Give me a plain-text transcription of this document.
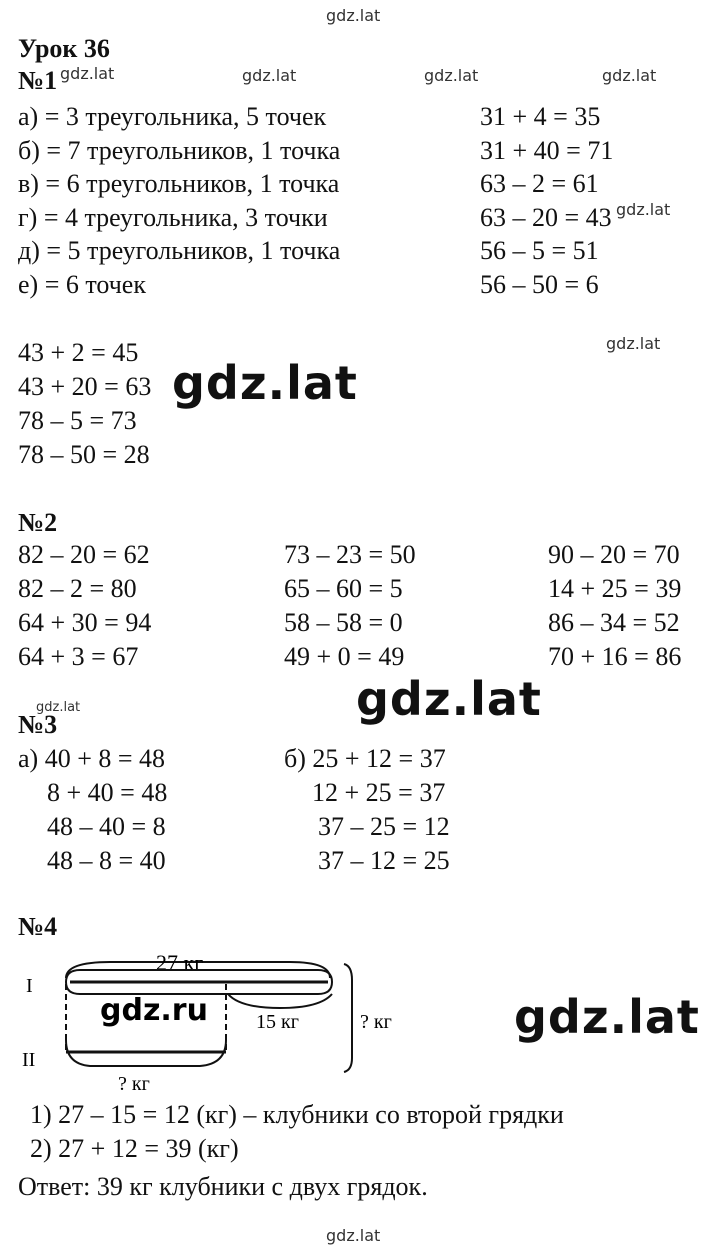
gdz.lat
gdz.lat	gdz.lat	gdz.lat
gdz.lat
gdz.lat
gdz.lat
gdz.lat
gdz.lat
gdz.lat
gdz.lat
Урок 36
№1 gdz.lat
а) = 3 треугольника, 5 точек
б) = 7 треугольников, 1 точка
в) = 6 треугольников, 1 точка
г) = 4 треугольника, 3 точки
д) = 5 треугольников, 1 точка
е) = 6 точек
31 + 4 = 35
31 + 40 = 71
63 – 2 = 61
63 – 20 = 43
56 – 5 = 51
56 – 50 = 6
43 + 2 = 45
43 + 20 = 63
78 – 5 = 73
78 – 50 = 28
№2
82 – 20 = 62
82 – 2 = 80
64 + 30 = 94
64 + 3 = 67
73 – 23 = 50
65 – 60 = 5
58 – 58 = 0
49 + 0 = 49
90 – 20 = 70
14 + 25 = 39
86 – 34 = 52
70 + 16 = 86
№3
а) 40 + 8 = 48
8 + 40 = 48
48 – 40 = 8
48 – 8 = 40
б) 25 + 12 = 37
12 + 25 = 37
37 – 25 = 12
37 – 12 = 25
№4
I
II
27 кг
15 кг
? кг
? кг
gdz.ru
1) 27 – 15 = 12 (кг) – клубники со второй грядки
2) 27 + 12 = 39 (кг)
Ответ: 39 кг клубники с двух грядок.
